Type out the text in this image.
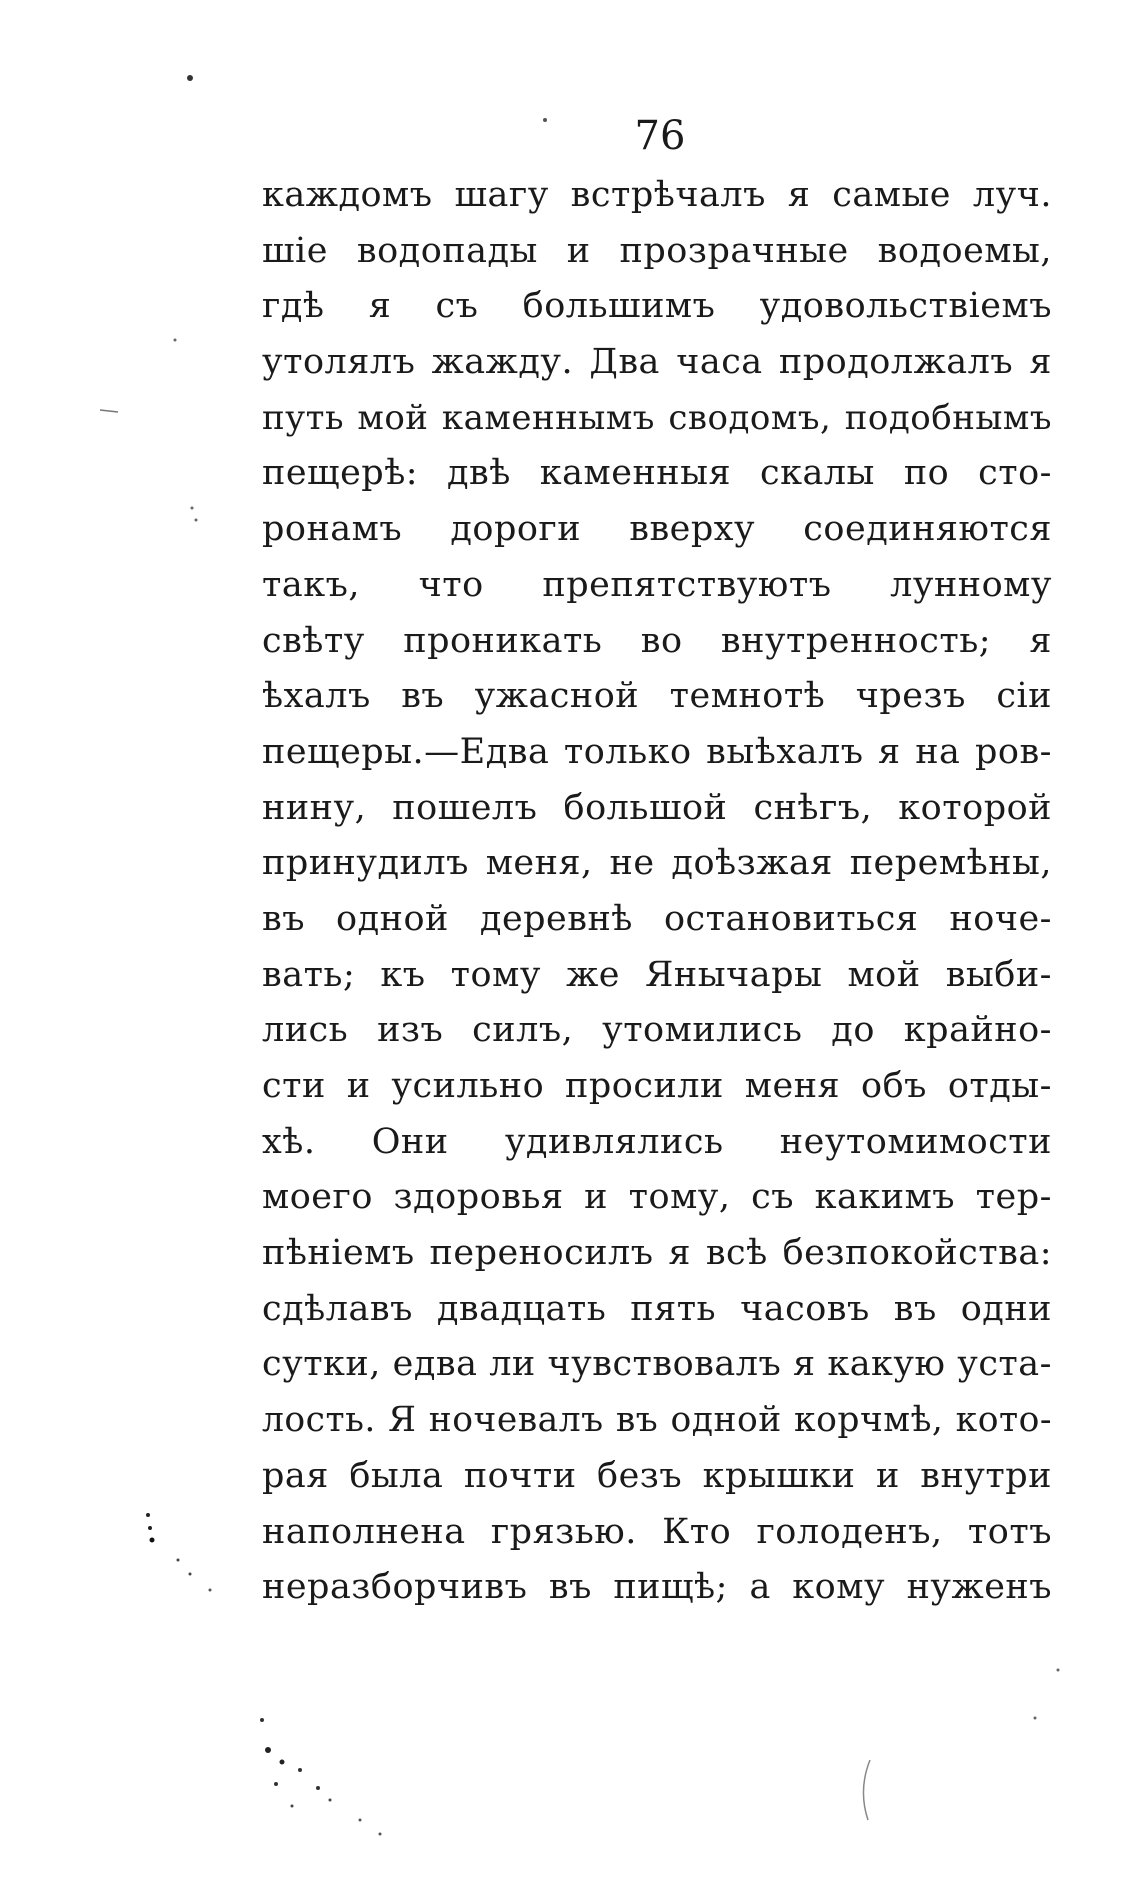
76
каждомъ шагу встрѣчалъ я самые луч.
шіе водопады и прозрачные водоемы,
гдѣ я съ большимъ удовольствіемъ
утолялъ жажду. Два часа продолжалъ я
путь мой каменнымъ сводомъ, подобнымъ
пещерѣ: двѣ каменныя скалы по сто-
ронамъ дороги вверху соединяются
такъ, что препятствуютъ лунному
свѣту проникать во внутренность; я
ѣхалъ въ ужасной темнотѣ чрезъ сіи
пещеры.—Едва только выѣхалъ я на ров-
нину, пошелъ большой снѣгъ, которой
принудилъ меня, не доѣзжая перемѣны,
въ одной деревнѣ остановиться ноче-
вать; къ тому же Янычары мой выби-
лись изъ силъ, утомились до крайно-
сти и усильно просили меня объ отды-
хѣ. Они удивлялись неутомимости
моего здоровья и тому, съ какимъ тер-
пѣніемъ переносилъ я всѣ безпокойства:
сдѣлавъ двадцать пять часовъ въ одни
сутки, едва ли чувствовалъ я какую уста-
лость. Я ночевалъ въ одной корчмѣ, кото-
рая была почти безъ крышки и внутри
наполнена грязью. Кто голоденъ, тотъ
неразборчивъ въ пищѣ; а кому нуженъ
